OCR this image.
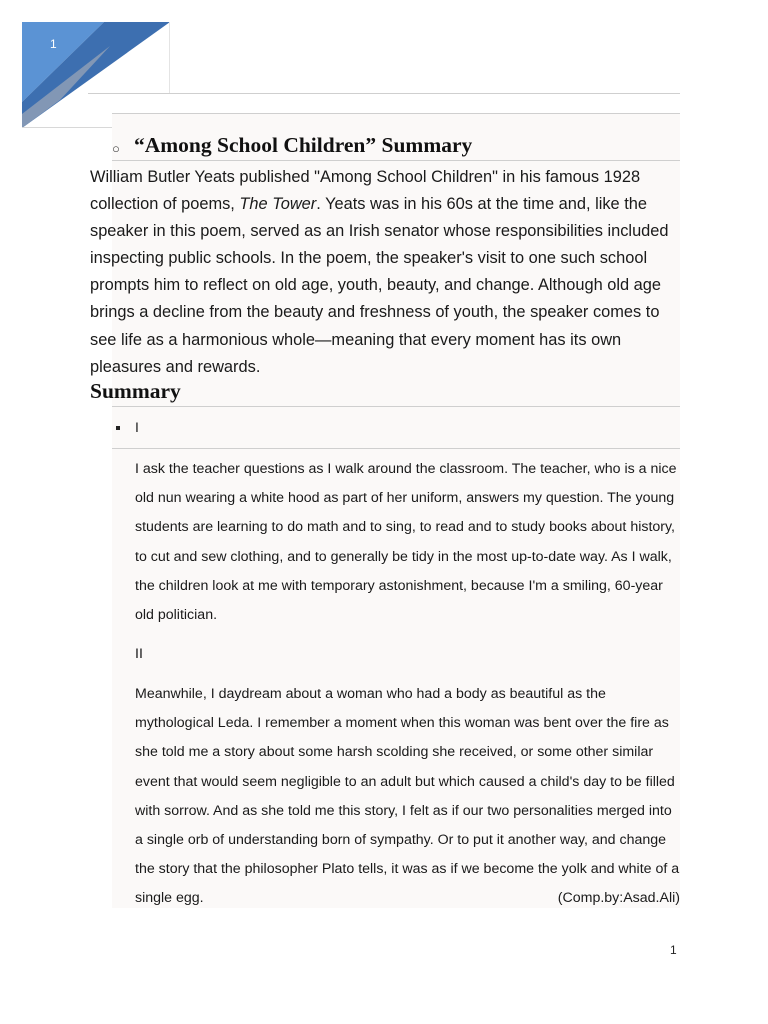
1
○ “Among School Children” Summary

William Butler Yeats published "Among School Children" in his famous 1928 collection of poems, The Tower. Yeats was in his 60s at the time and, like the speaker in this poem, served as an Irish senator whose responsibilities included inspecting public schools. In the poem, the speaker's visit to one such school prompts him to reflect on old age, youth, beauty, and change. Although old age brings a decline from the beauty and freshness of youth, the speaker comes to see life as a harmonious whole—meaning that every moment has its own pleasures and rewards.

Summary
I

I ask the teacher questions as I walk around the classroom. The teacher, who is a nice old nun wearing a white hood as part of her uniform, answers my question. The young students are learning to do math and to sing, to read and to study books about history, to cut and sew clothing, and to generally be tidy in the most up-to-date way. As I walk, the children look at me with temporary astonishment, because I'm a smiling, 60-year old politician.

II

Meanwhile, I daydream about a woman who had a body as beautiful as the mythological Leda. I remember a moment when this woman was bent over the fire as she told me a story about some harsh scolding she received, or some other similar event that would seem negligible to an adult but which caused a child's day to be filled with sorrow. And as she told me this story, I felt as if our two personalities merged into a single orb of understanding born of sympathy. Or to put it another way, and change the story that the philosopher Plato tells, it was as if we become the yolk and white of a single egg.	(Comp.by:Asad.Ali)

1
